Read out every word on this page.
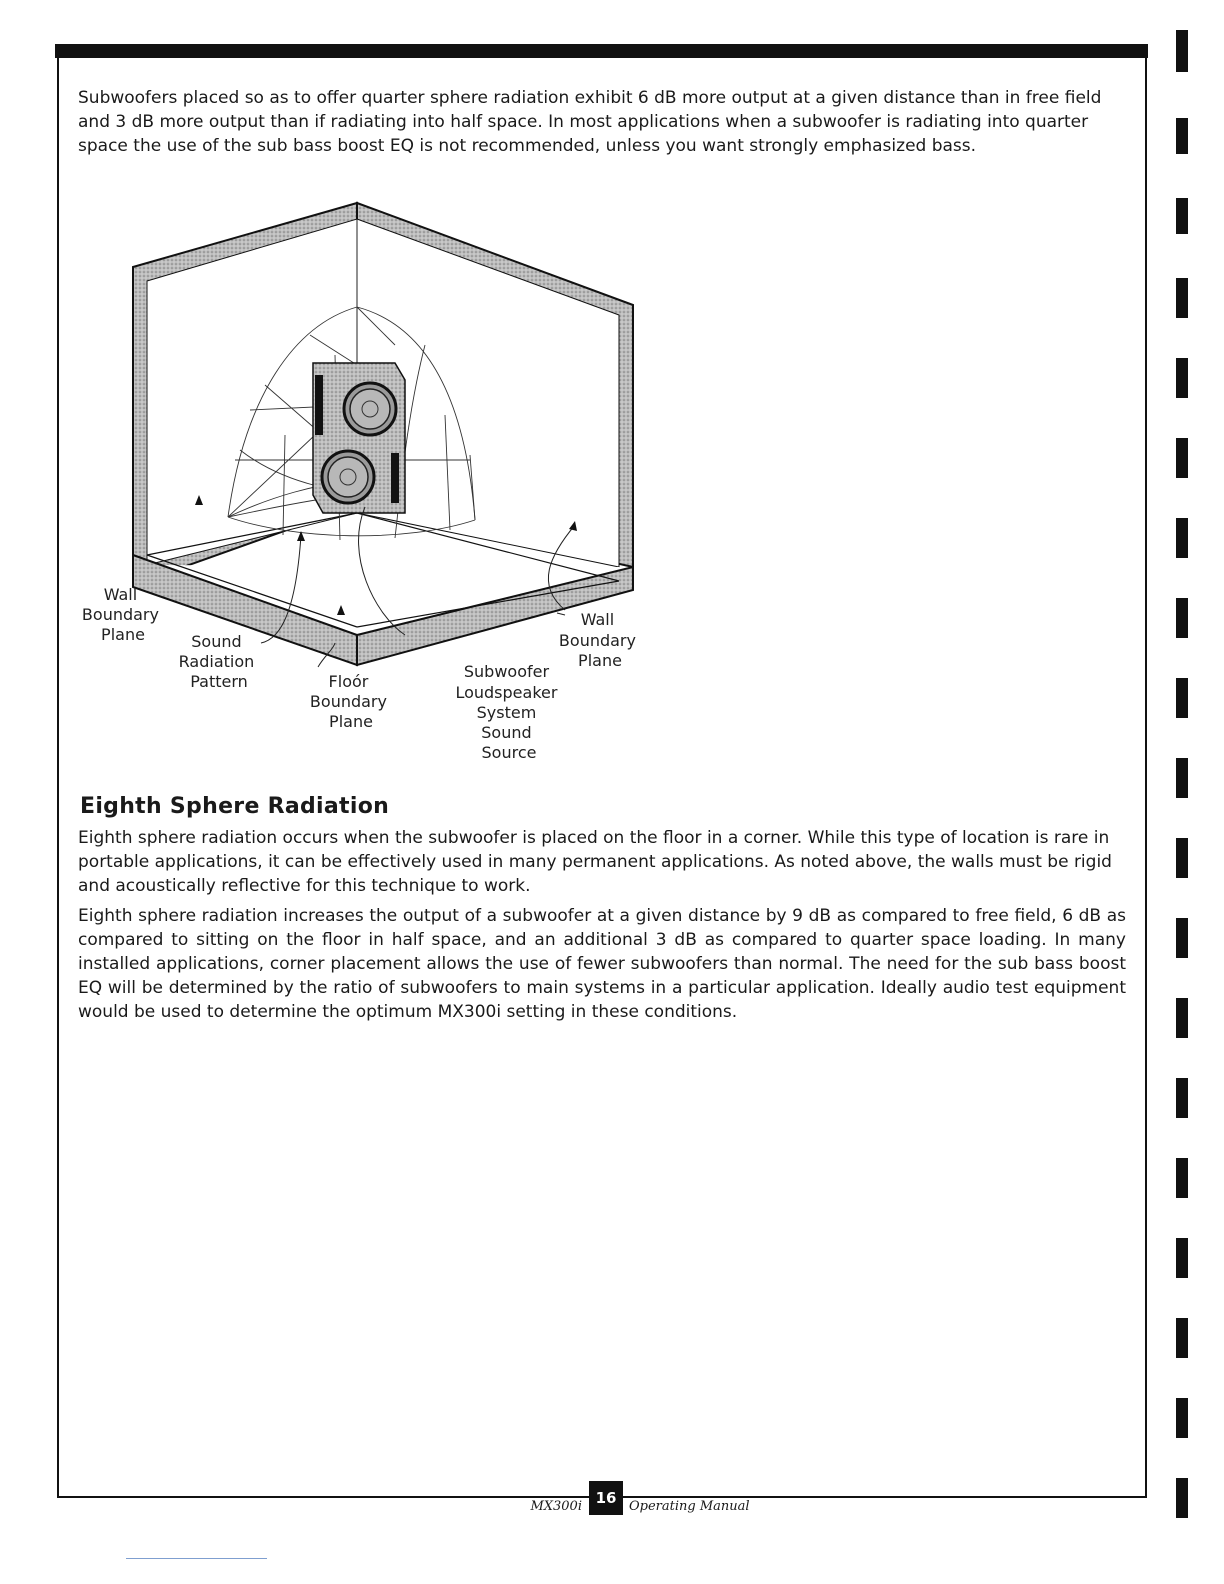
Subwoofers placed so as to offer quarter sphere radiation exhibit 6 dB more output at a given distance than in free field and 3 dB more output than if radiating into half space. In most applications when a subwoofer is radiating into quarter space the use of the sub bass boost EQ is not recommended, unless you want strongly emphasized bass.

Wall Boundary Plane	Sound Radiation Pattern	Floór Boundary Plane
Subwoofer Loudspeaker System Sound Source
Wall Boundary Plane
Eighth Sphere Radiation

Eighth sphere radiation occurs when the subwoofer is placed on the floor in a corner. While this type of location is rare in portable applications, it can be effectively used in many permanent applications. As noted above, the walls must be rigid and acoustically reflective for this technique to work.

Eighth sphere radiation increases the output of a subwoofer at a given distance by 9 dB as compared to free field, 6 dB as compared to sitting on the floor in half space, and an additional 3 dB as compared to quarter space loading. In many installed applications, corner placement allows the use of fewer subwoofers than normal. The need for the sub bass boost EQ will be determined by the ratio of subwoofers to main systems in a particular application. Ideally audio test equipment would be used to determine the optimum MX300i setting in these conditions.

MX300i 16 Operating Manual
